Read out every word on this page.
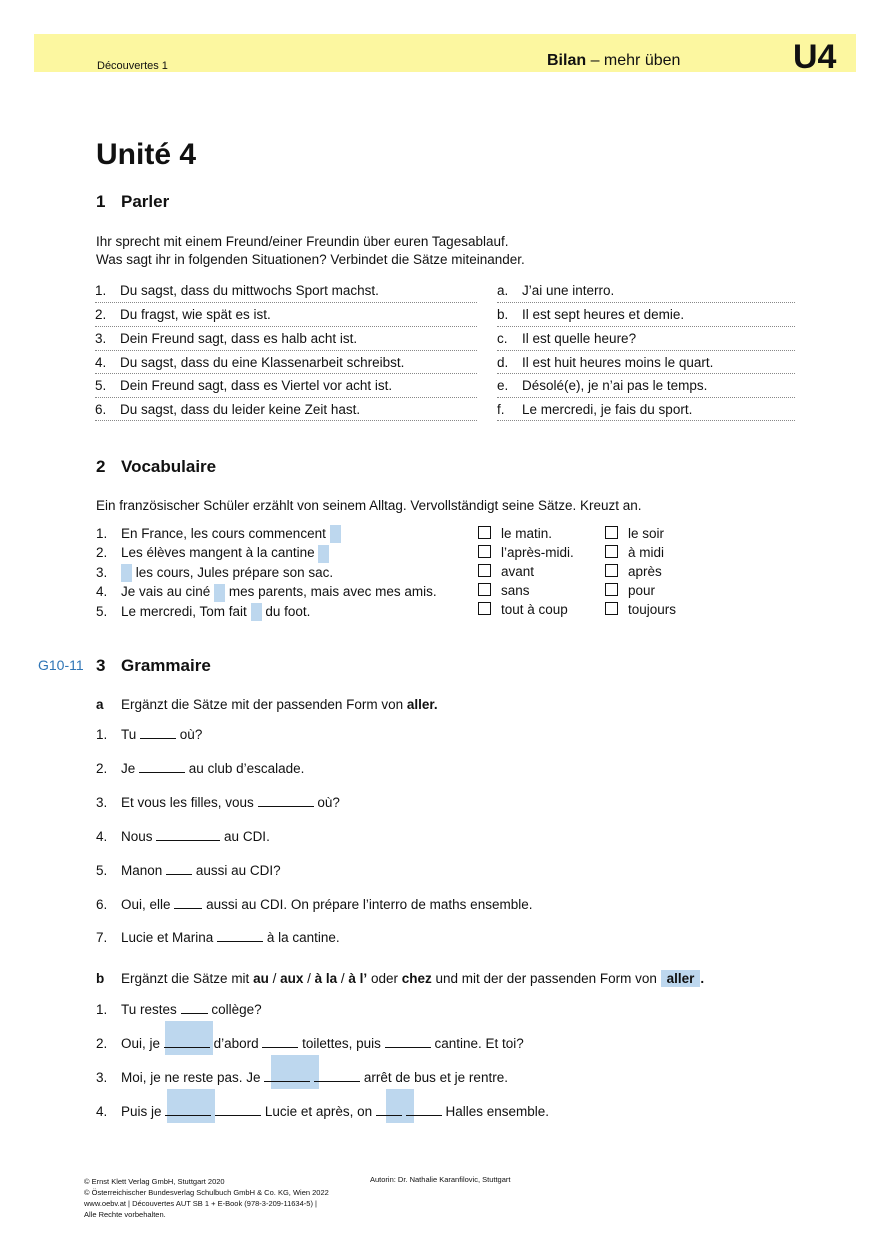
Découvertes 1	Bilan – mehr üben	U4
Unité 4
1 Parler
Ihr sprecht mit einem Freund/einer Freundin über euren Tagesablauf.
Was sagt ihr in folgenden Situationen? Verbindet die Sätze miteinander.
1. Du sagst, dass du mittwochs Sport machst.
2. Du fragst, wie spät es ist.
3. Dein Freund sagt, dass es halb acht ist.
4. Du sagst, dass du eine Klassenarbeit schreibst.
5. Dein Freund sagt, dass es Viertel vor acht ist.
6. Du sagst, dass du leider keine Zeit hast.
a. J’ai une interro.
b. Il est sept heures et demie.
c. Il est quelle heure?
d. Il est huit heures moins le quart.
e. Désolé(e), je n’ai pas le temps.
f. Le mercredi, je fais du sport.
2 Vocabulaire
Ein französischer Schüler erzählt von seinem Alltag. Vervollständigt seine Sätze. Kreuzt an.
1. En France, les cours commencent
2. Les élèves mangent à la cantine
3. les cours, Jules prépare son sac.
4. Je vais au ciné mes parents, mais avec mes amis.
5. Le mercredi, Tom fait du foot.
le matin.
l’après-midi.
avant
sans
tout à coup
le soir
à midi
après
pour
toujours
G10-11 3 Grammaire
a Ergänzt die Sätze mit der passenden Form von aller.
1. Tu	où?
2. Je	au club d’escalade.
3. Et vous les filles, vous	où?
4. Nous	au CDI.
5. Manon aussi au CDI?
6. Oui, elle	aussi au CDI. On prépare l’interro de maths ensemble.
7. Lucie et Marina	à la cantine.
b Ergänzt die Sätze mit au / aux / à la / à l’ oder chez und mit der der passenden Form von aller .
1. Tu restes	collège?
2. Oui, je	d’abord	toilettes, puis	cantine. Et toi?
3. Moi, je ne reste pas. Je	arrêt de bus et je rentre.
4. Puis je	Lucie et après, on	Halles ensemble.
© Ernst Klett Verlag GmbH, Stuttgart 2020
© Österreichischer Bundesverlag Schulbuch GmbH & Co. KG, Wien 2022
www.oebv.at | Découvertes AUT SB 1 + E-Book (978-3-209-11634-5) |
Alle Rechte vorbehalten.
Autorin: Dr. Nathalie Karanfilovic, Stuttgart
